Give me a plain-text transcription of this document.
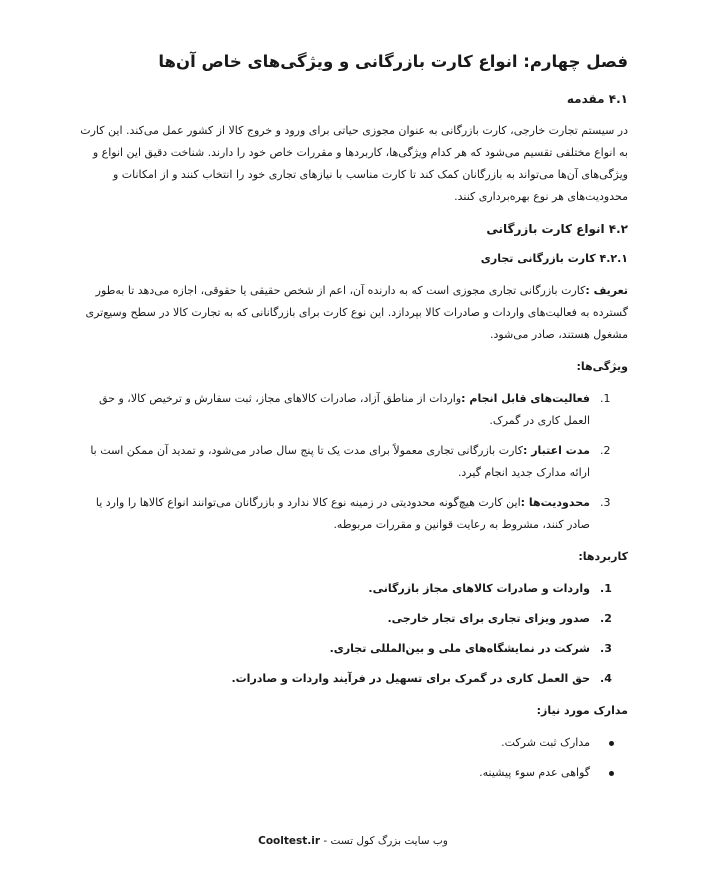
فصل چهارم: انواع کارت بازرگانی و ویژگی‌های خاص آن‌ها
۴.۱ مقدمه

در سیستم تجارت خارجی، کارت بازرگانی به عنوان مجوزی حیاتی برای ورود و خروج کالا از کشور عمل می‌کند. این کارت به انواع مختلفی تقسیم می‌شود که هر کدام ویژگی‌ها، کاربردها و مقررات خاص خود را دارند. شناخت دقیق این انواع و ویژگی‌های آن‌ها می‌تواند به بازرگانان کمک کند تا کارت مناسب با نیازهای تجاری خود را انتخاب کنند و از امکانات و محدودیت‌های هر نوع بهره‌برداری کنند.

۴.۲ انواع کارت بازرگانی
۴.۲.۱ کارت بازرگانی تجاری

تعریف :کارت بازرگانی تجاری مجوزی است که به دارنده آن، اعم از شخص حقیقی یا حقوقی، اجازه می‌دهد تا به‌طور گسترده به فعالیت‌های واردات و صادرات کالا بپردازد. این نوع کارت برای بازرگانانی که به تجارت کالا در سطح وسیع‌تری مشغول هستند، صادر می‌شود.

ویژگی‌ها:
1.
فعالیت‌های قابل انجام :واردات از مناطق آزاد، صادرات کالاهای مجاز، ثبت سفارش و ترخیص کالا، و حق العمل کاری در گمرک.
2.
مدت اعتبار :کارت بازرگانی تجاری معمولاً برای مدت یک تا پنج سال صادر می‌شود، و تمدید آن ممکن است با ارائه مدارک جدید انجام گیرد.
3.
محدودیت‌ها :این کارت هیچ‌گونه محدودیتی در زمینه نوع کالا ندارد و بازرگانان می‌توانند انواع کالاها را وارد یا صادر کنند، مشروط به رعایت قوانین و مقررات مربوطه.
کاربردها:
1.
واردات و صادرات کالاهای مجاز بازرگانی.
2.
صدور ویزای تجاری برای تجار خارجی.
3.
شرکت در نمایشگاه‌های ملی و بین‌المللی تجاری.
4.
حق العمل کاری در گمرک برای تسهیل در فرآیند واردات و صادرات.
مدارک مورد نیاز:
مدارک ثبت شرکت.
گواهی عدم سوء پیشینه.
وب سایت بزرگ کول تست - Cooltest.ir
